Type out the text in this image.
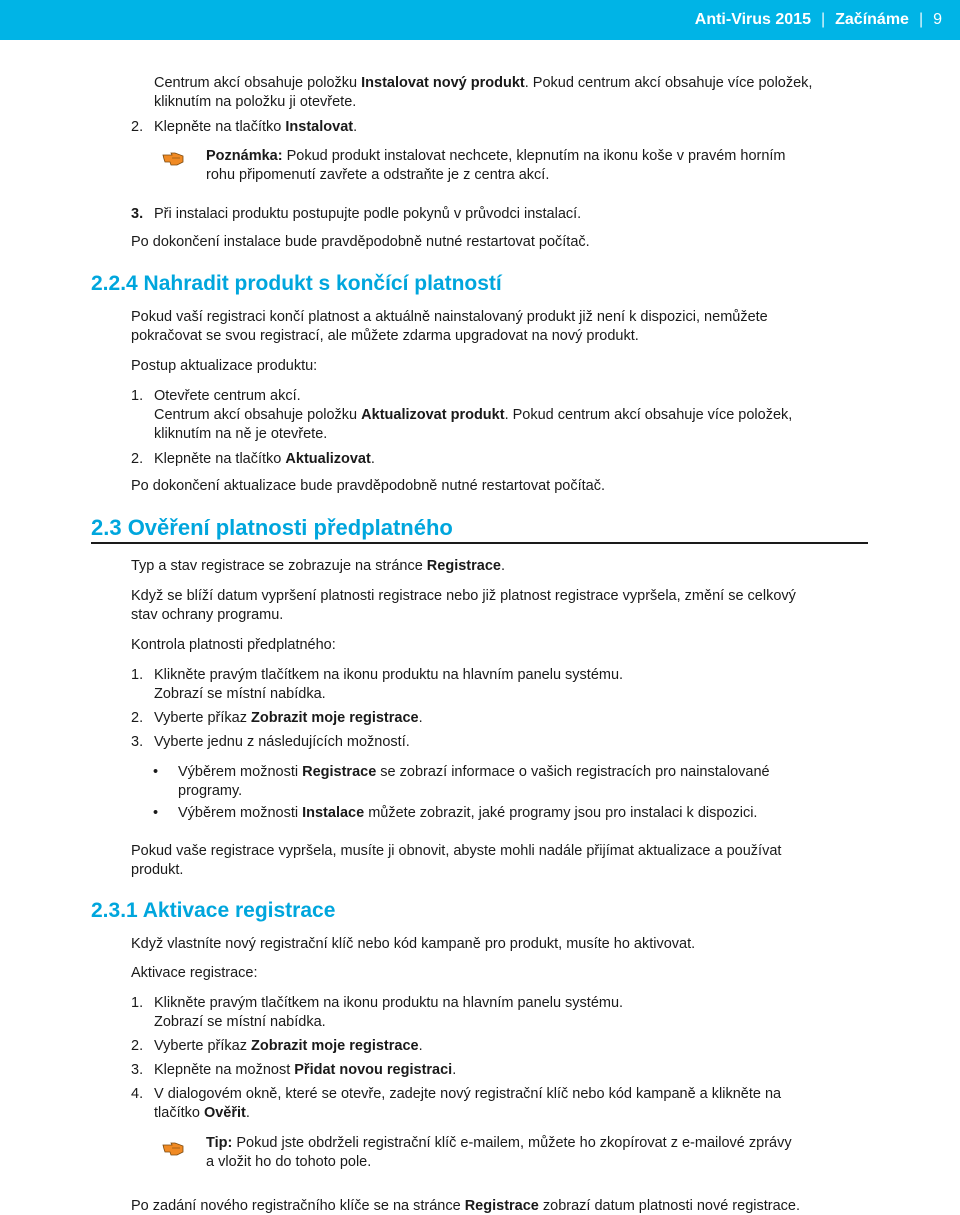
Anti-Virus 2015 | Začínáme | 9
Centrum akcí obsahuje položku Instalovat nový produkt. Pokud centrum akcí obsahuje více položek,
kliknutím na položku ji otevřete.
2. Klepněte na tlačítko Instalovat.
Poznámka: Pokud produkt instalovat nechcete, klepnutím na ikonu koše v pravém horním
rohu připomenutí zavřete a odstraňte je z centra akcí.
3. Při instalaci produktu postupujte podle pokynů v průvodci instalací.
Po dokončení instalace bude pravděpodobně nutné restartovat počítač.
2.2.4 Nahradit produkt s končící platností
Pokud vaší registraci končí platnost a aktuálně nainstalovaný produkt již není k dispozici, nemůžete
pokračovat se svou registrací, ale můžete zdarma upgradovat na nový produkt.
Postup aktualizace produktu:
1. Otevřete centrum akcí.
Centrum akcí obsahuje položku Aktualizovat produkt. Pokud centrum akcí obsahuje více položek,
kliknutím na ně je otevřete.
2. Klepněte na tlačítko Aktualizovat.
Po dokončení aktualizace bude pravděpodobně nutné restartovat počítač.
2.3 Ověření platnosti předplatného
Typ a stav registrace se zobrazuje na stránce Registrace.
Když se blíží datum vypršení platnosti registrace nebo již platnost registrace vypršela, změní se celkový
stav ochrany programu.
Kontrola platnosti předplatného:
1. Klikněte pravým tlačítkem na ikonu produktu na hlavním panelu systému.
Zobrazí se místní nabídka.
2. Vyberte příkaz Zobrazit moje registrace.
3. Vyberte jednu z následujících možností.
• Výběrem možnosti Registrace se zobrazí informace o vašich registracích pro nainstalované
programy.
• Výběrem možnosti Instalace můžete zobrazit, jaké programy jsou pro instalaci k dispozici.
Pokud vaše registrace vypršela, musíte ji obnovit, abyste mohli nadále přijímat aktualizace a používat
produkt.
2.3.1 Aktivace registrace
Když vlastníte nový registrační klíč nebo kód kampaně pro produkt, musíte ho aktivovat.
Aktivace registrace:
1. Klikněte pravým tlačítkem na ikonu produktu na hlavním panelu systému.
Zobrazí se místní nabídka.
2. Vyberte příkaz Zobrazit moje registrace.
3. Klepněte na možnost Přidat novou registraci.
4. V dialogovém okně, které se otevře, zadejte nový registrační klíč nebo kód kampaně a klikněte na
tlačítko Ověřit.
Tip: Pokud jste obdrželi registrační klíč e-mailem, můžete ho zkopírovat z e-mailové zprávy
a vložit ho do tohoto pole.
Po zadání nového registračního klíče se na stránce Registrace zobrazí datum platnosti nové registrace.
